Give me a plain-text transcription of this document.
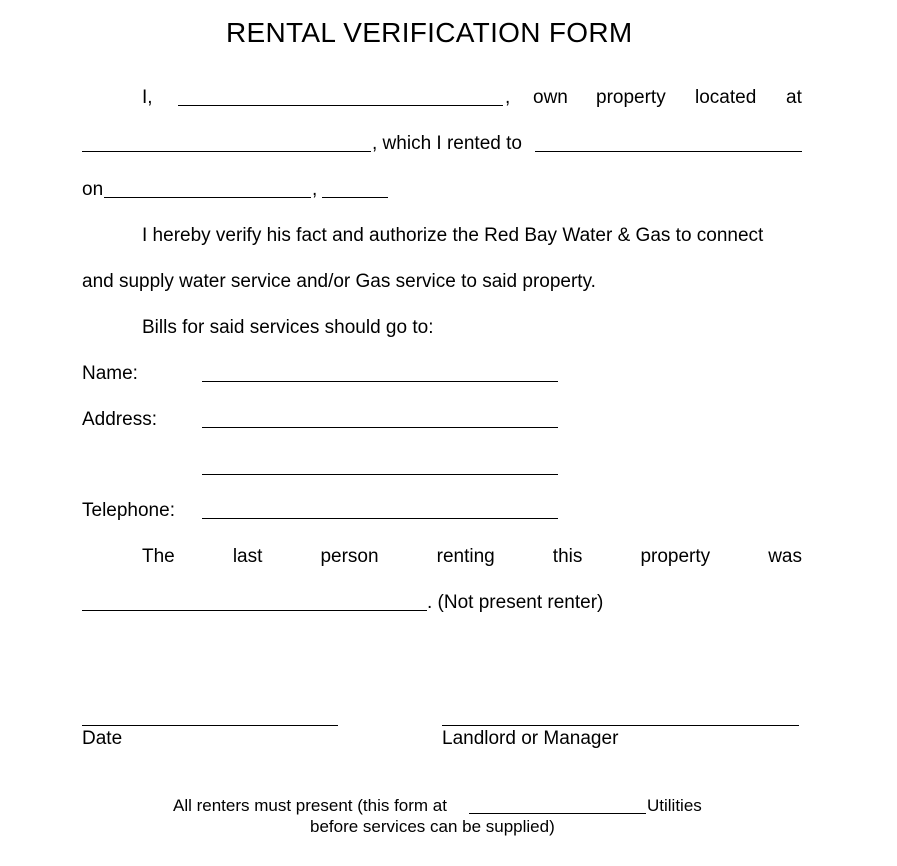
RENTAL VERIFICATION FORM
I,	, own property located at
, which I rented to
on	,
I hereby verify his fact and authorize the Red Bay Water & Gas to connect
and supply water service and/or Gas service to said property.
Bills for said services should go to:
Name:
Address:
Telephone:
The	last	person	renting	this	property	was
. (Not present renter)
Date	Landlord or Manager
All renters must present (this form at	Utilities
before services can be supplied)
